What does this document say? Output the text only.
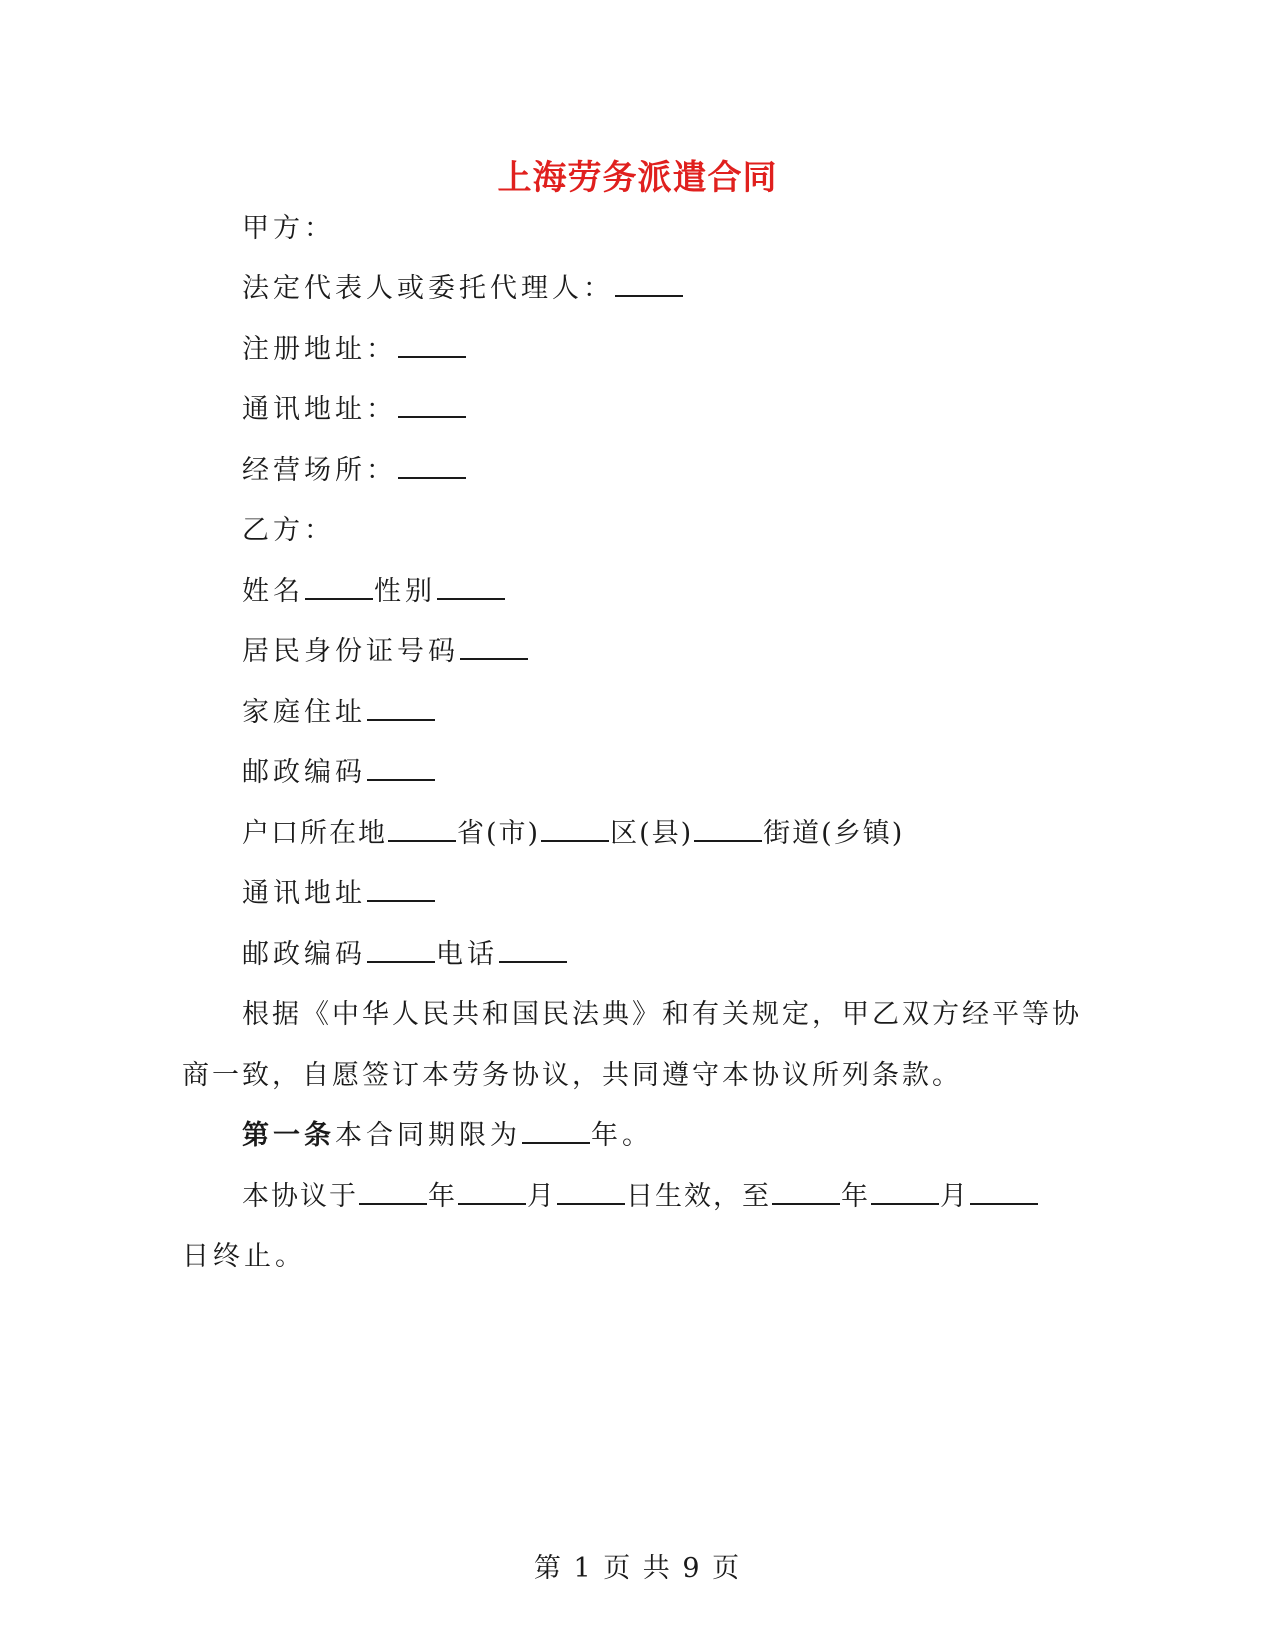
上海劳务派遣合同
甲方：
法定代表人或委托代理人：
注册地址：
通讯地址：
经营场所：
乙方：
姓名	性别
居民身份证号码
家庭住址
邮政编码
户口所在地	省(市)	区(县)	街道(乡镇)
通讯地址
邮政编码	电话
根据《中华人民共和国民法典》和有关规定，甲乙双方经平等协
商一致，自愿签订本劳务协议，共同遵守本协议所列条款。
第一条本合同期限为	年。
本协议于	年	月	日生效，至	年	月
日终止。
第 1 页 共 9 页
